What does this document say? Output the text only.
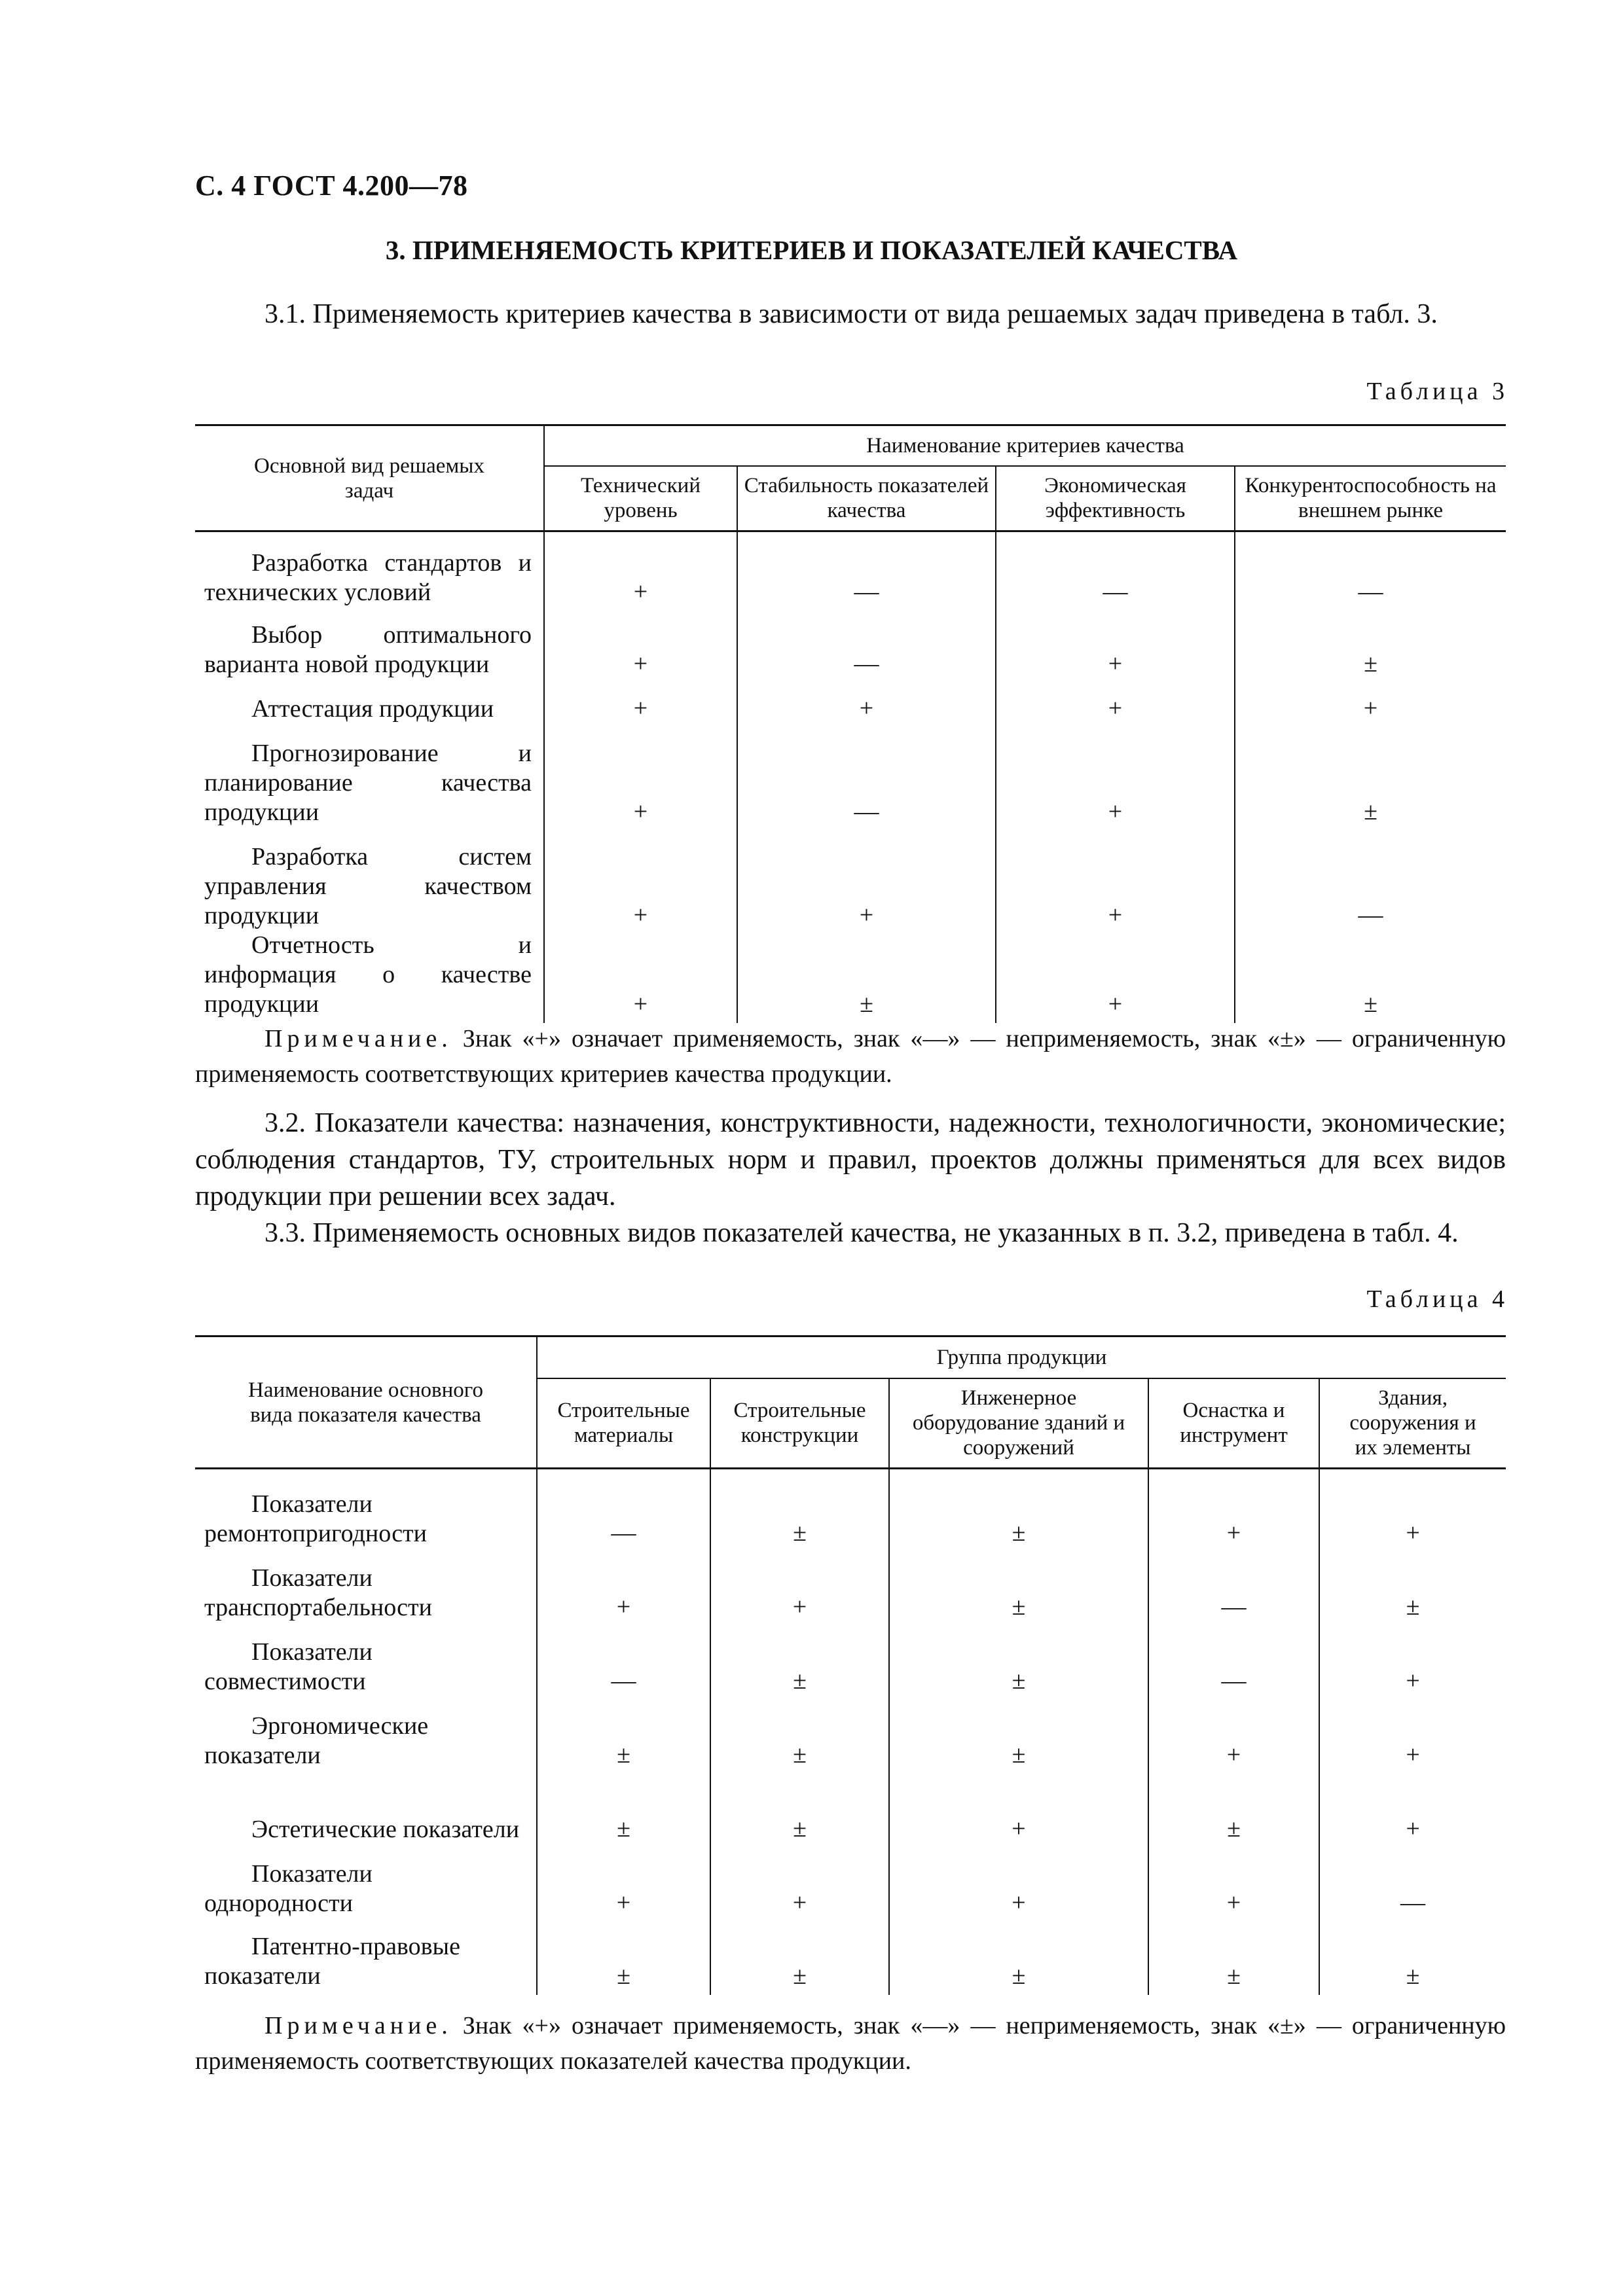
С. 4 ГОСТ 4.200—78
3. ПРИМЕНЯЕМОСТЬ КРИТЕРИЕВ И ПОКАЗАТЕЛЕЙ КАЧЕСТВА

3.1. Применяемость критериев качества в зависимости от вида решаемых задач приведена в табл. 3.

Таблица 3
Основной вид решаемых задач	Наименование критериев качества			
	Технический уровень	Стабильность показателей качества	Экономическая эффективность	Конкурентоспособность на внешнем рынке
Разработка стандартов и технических условий	+	—	—	—
Выбор оптимального варианта новой продукции	+	—	+	±
Аттестация продукции	+	+	+	+
Прогнозирование и планирование качества продукции	+	—	+	±
Разработка систем управления качеством продукции	+	+	+	—
Отчетность и информация о качестве продукции	+	±	+	±

Примечание. Знак «+» означает применяемость, знак «—» — неприменяемость, знак «±» — ограниченную применяемость соответствующих критериев качества продукции.

3.2. Показатели качества: назначения, конструктивности, надежности, технологичности, экономические; соблюдения стандартов, ТУ, строительных норм и правил, проектов должны применяться для всех видов продукции при решении всех задач.

3.3. Применяемость основных видов показателей качества, не указанных в п. 3.2, приведена в табл. 4.

Таблица 4
Наименование основного вида показателя качества	Группа продукции				
	Строительные материалы	Строительные конструкции	Инженерное оборудование зданий и сооружений	Оснастка и инструмент	Здания, сооружения и их элементы
Показатели ремонтопригодности	—	±	±	+	+
Показатели транспортабельности	+	+	±	—	±
Показатели совместимости	—	±	±	—	+
Эргономические показатели	±	±	±	+	+
Эстетические показатели	±	±	+	±	+
Показатели однородности	+	+	+	+	—
Патентно-правовые показатели	±	±	±	±	±

Примечание. Знак «+» означает применяемость, знак «—» — неприменяемость, знак «±» — ограниченную применяемость соответствующих показателей качества продукции.
